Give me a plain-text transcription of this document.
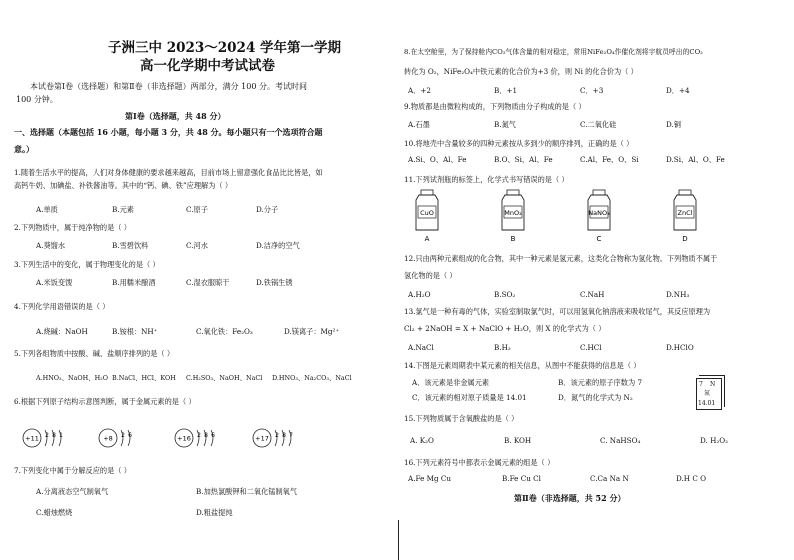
子洲三中 2023～2024 学年第一学期
高一化学期中考试试卷
本试卷第Ⅰ卷（选择题）和第Ⅱ卷（非选择题）两部分，满分 100 分。考试时间
100 分钟。
第Ⅰ卷（选择题，共 48 分）
一、选择题（本题包括 16 小题，每小题 3 分，共 48 分。每小题只有一个选项符合题
意。）
1.随着生活水平的提高，人们对身体健康的要求越来越高，目前市场上留意强化食品比比皆是，如
高钙牛奶、加碘盐、补铁酱油等。其中的“钙、碘、铁”应理解为（ ）
A.单质	B.元素	C.原子	D.分子
2.下列物质中，属于纯净物的是（ ）
A.葵馏水	B.雪碧饮料	C.河水	D.洁净的空气
3.下列生活中的变化，属于物理变化的是（ ）
A.米饭变馊	B.用糯米酿酒	C.湿衣服晾干	D.铁锅生锈
4.下列化学用语错误的是（ ）
A.烧碱：NaOH	B.铵根：NH⁺	C.氧化铁：Fe₂O₃	D.镁离子：Mg²⁺
5.下列各组物质中按酸、碱、盐顺序排列的是（ ）
A.HNO₃、NaOH、H₂O B.NaCl、HCl、KOH C.H₂SO₃、NaOH、NaCl D.HNO₃、Na₂CO₃、NaCl
6.根据下列原子结构示意图判断，属于金属元素的是（ ）
+11 2 8 1	+8 2 6	+16 2 8 6	+17 2 8 7
7.下列变化中属于分解反应的是（ ）
A.分离液态空气制氧气	B.加热氯酸钾和二氧化锰制氧气
C.蜡烛燃烧	D.粗盐提纯
8.在太空舱里，为了保持舱内CO₂气体含量的相对稳定，常用NiFe₂O₄作催化剂将宇航员呼出的CO₂
转化为 O₂，NiFe₂O₄中铁元素的化合价为+3 价，则 Ni 的化合价为（ ）
A．+2	B．+1	C．+3	D．+4
9.物质都是由微粒构成的，下列物质由分子构成的是（ ）
A.石墨	B.氮气	C.二氧化硅	D.铜
10.将地壳中含量较多的四种元素按从多到少的顺序排列，正确的是（ ）
A.Si、O、Al、Fe	B.O、Si、Al、Fe	C.Al、Fe、O、Si	D.Si、Al、O、Fe
11.下列试剂瓶的标签上，化学式书写错误的是（ ）
CuO
A
MnO₂
B
NaNO₃
C
ZnCl
D
12.只由两种元素组成的化合物，其中一种元素是氢元素，这类化合物称为氢化物。下列物质不属于
氢化物的是（ ）
A.H₂O	B.SO₂	C.NaH	D.NH₃
13.氯气是一种有毒的气体，实验室制取氯气时，可以用氢氧化钠溶液来吸收尾气，其反应原理为
Cl₂ + 2NaOH = X + NaClO + H₂O，则 X 的化学式为（ ）
A.NaCl	B.H₂	C.HCl	D.HClO
14.下图是元素周期表中某元素的相关信息，从图中不能获得的信息是（ ）
A．该元素是非金属元素	B．该元素的原子序数为 7
C．该元素的相对原子质量是 14.01	D．氮气的化学式为 N₂
7 N
氮
14.01
15.下列物质属于含氧酸盐的是（ ）
A. K₂O	B. KOH	C. NaHSO₄	D. H₂O₂
16.下列元素符号中都表示金属元素的组是（ ）
A.Fe Mg Cu	B.Fe Cu Cl	C.Ca Na N	D.H C O
第Ⅱ卷（非选择题，共 52 分）
